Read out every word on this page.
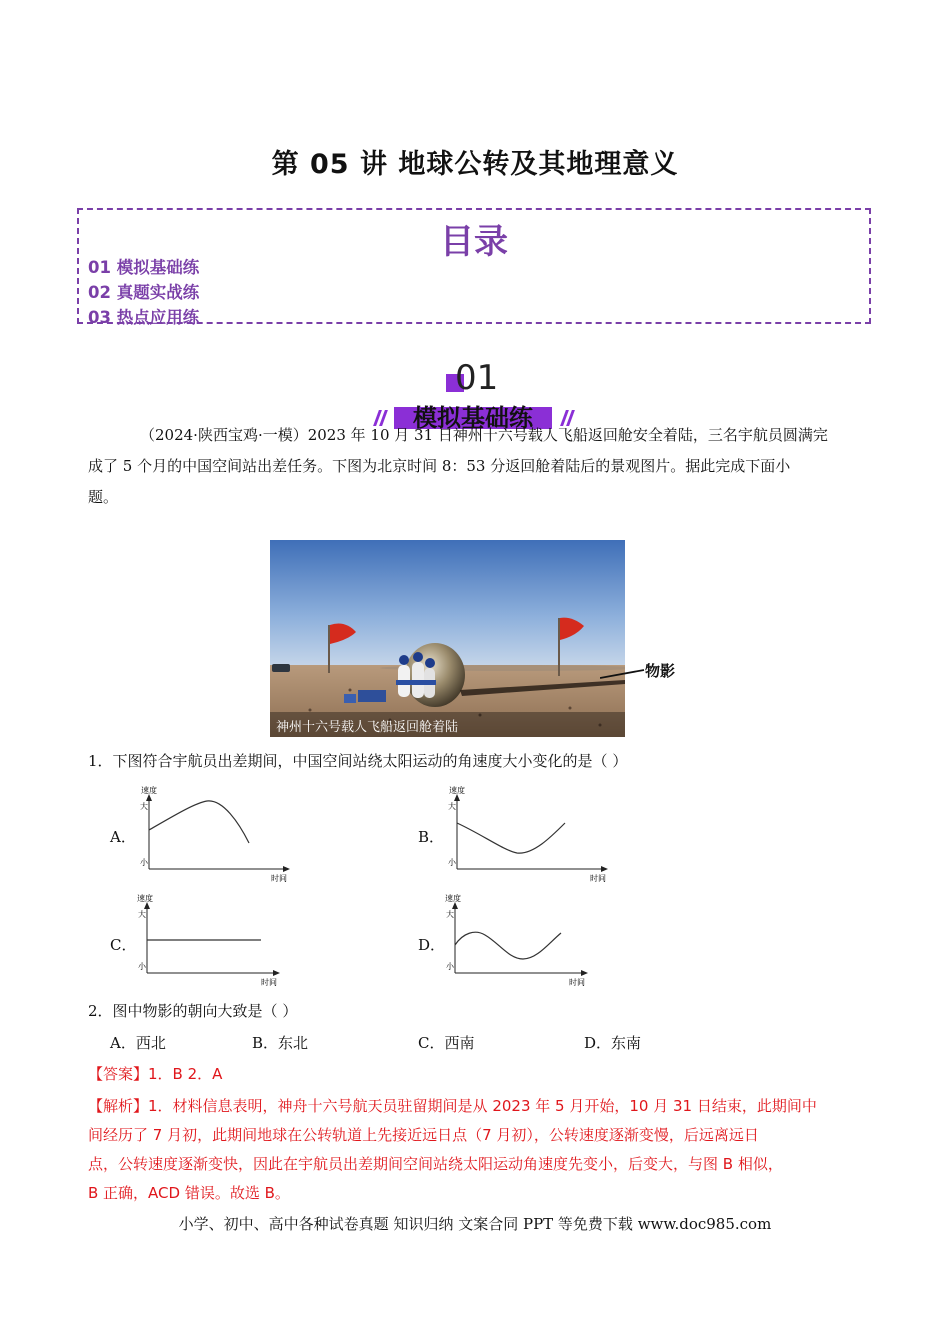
第 05 讲 地球公转及其地理意义
目录
01 模拟基础练
02 真题实战练
03 热点应用练
01
模拟基础练
（2024·陕西宝鸡·一模）2023 年 10 月 31 日神州十六号载人飞船返回舱安全着陆，三名宇航员圆满完
成了 5 个月的中国空间站出差任务。下图为北京时间 8：53 分返回舱着陆后的景观图片。据此完成下面小
题。
神州十六号载人飞船返回舱着陆
物影
1．下图符合宇航员出差期间，中国空间站绕太阳运动的角速度大小变化的是（ ）
A．
速度
大
小
时间
B．
速度
大
小
时间
C．
速度
大
小
时间
D．
速度
大
小
时间
2．图中物影的朝向大致是（ ）
A．西北	B．东北	C．西南	D．东南
【答案】1．B 2．A
【解析】1．材料信息表明，神舟十六号航天员驻留期间是从 2023 年 5 月开始，10 月 31 日结束，此期间中
间经历了 7 月初，此期间地球在公转轨道上先接近远日点（7 月初），公转速度逐渐变慢，后远离远日
点，公转速度逐渐变快，因此在宇航员出差期间空间站绕太阳运动角速度先变小，后变大，与图 B 相似，
B 正确，ACD 错误。故选 B。
小学、初中、高中各种试卷真题 知识归纳 文案合同 PPT 等免费下载 www.doc985.com
